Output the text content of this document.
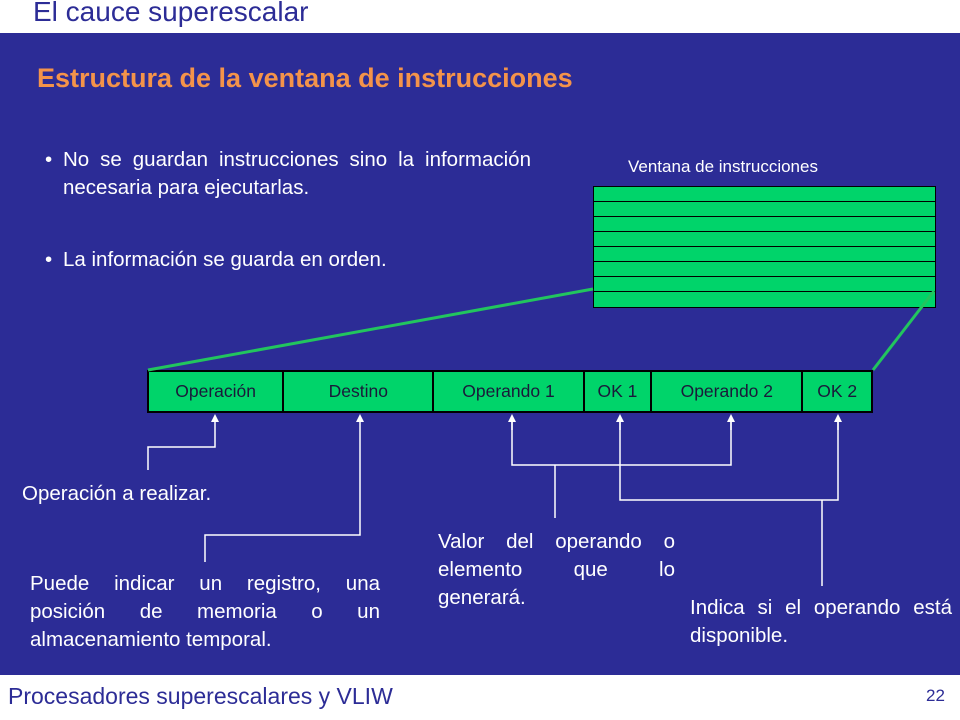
El cauce superescalar
Estructura de la ventana de instrucciones
• No se guardan instrucciones sino la información necesaria para ejecutarlas.
• La información se guarda en orden.
Ventana de instrucciones
Operación	Destino	Operando 1	OK 1	Operando 2	OK 2
Operación a realizar.
Puede indicar un registro, una posición de memoria o un almacenamiento temporal.
Valor del operando o elemento que lo generará.	Indica si el operando está disponible.
Procesadores superescalares y VLIW	22
